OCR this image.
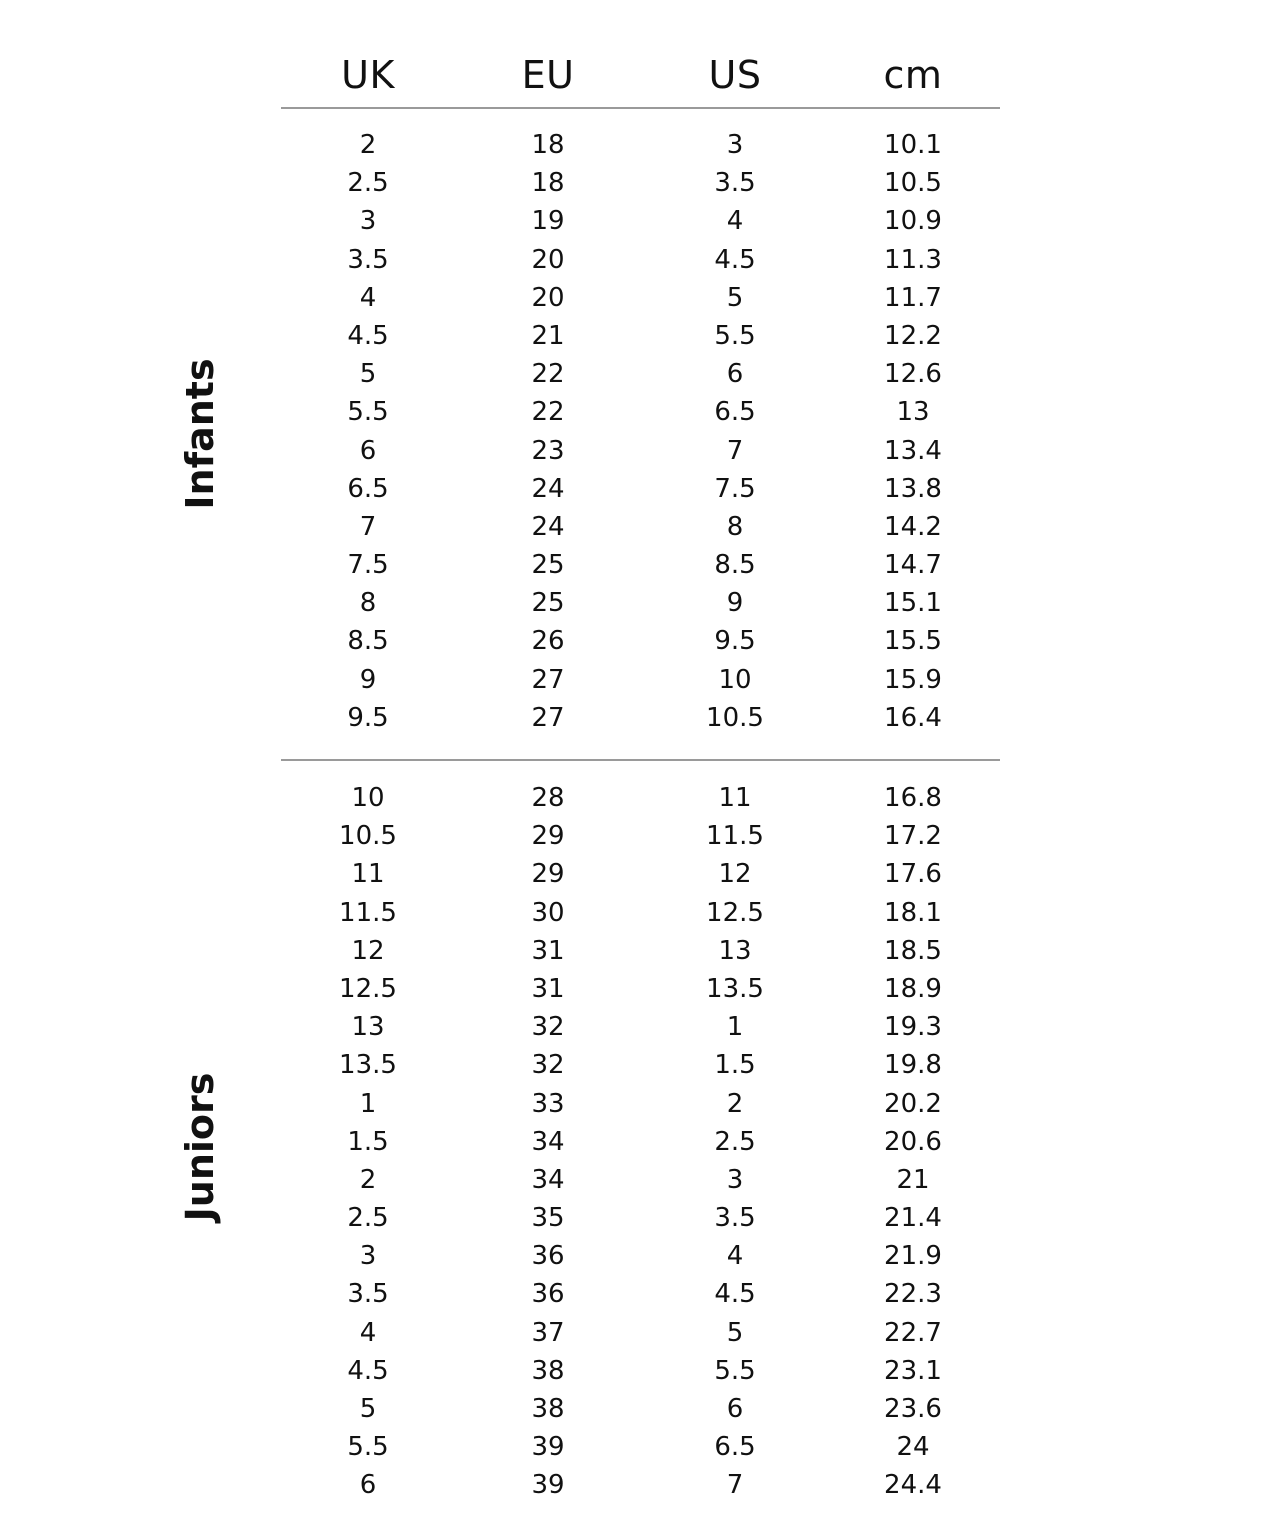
UK	EU	US	cm
Infants
2	18	3	10.1
2.5	18	3.5	10.5
3	19	4	10.9
3.5	20	4.5	11.3
4	20	5	11.7
4.5	21	5.5	12.2
5	22	6	12.6
5.5	22	6.5	13
6	23	7	13.4
6.5	24	7.5	13.8
7	24	8	14.2
7.5	25	8.5	14.7
8	25	9	15.1
8.5	26	9.5	15.5
9	27	10	15.9
9.5	27	10.5	16.4
Juniors
10	28	11	16.8
10.5	29	11.5	17.2
11	29	12	17.6
11.5	30	12.5	18.1
12	31	13	18.5
12.5	31	13.5	18.9
13	32	1	19.3
13.5	32	1.5	19.8
1	33	2	20.2
1.5	34	2.5	20.6
2	34	3	21
2.5	35	3.5	21.4
3	36	4	21.9
3.5	36	4.5	22.3
4	37	5	22.7
4.5	38	5.5	23.1
5	38	6	23.6
5.5	39	6.5	24
6	39	7	24.4
